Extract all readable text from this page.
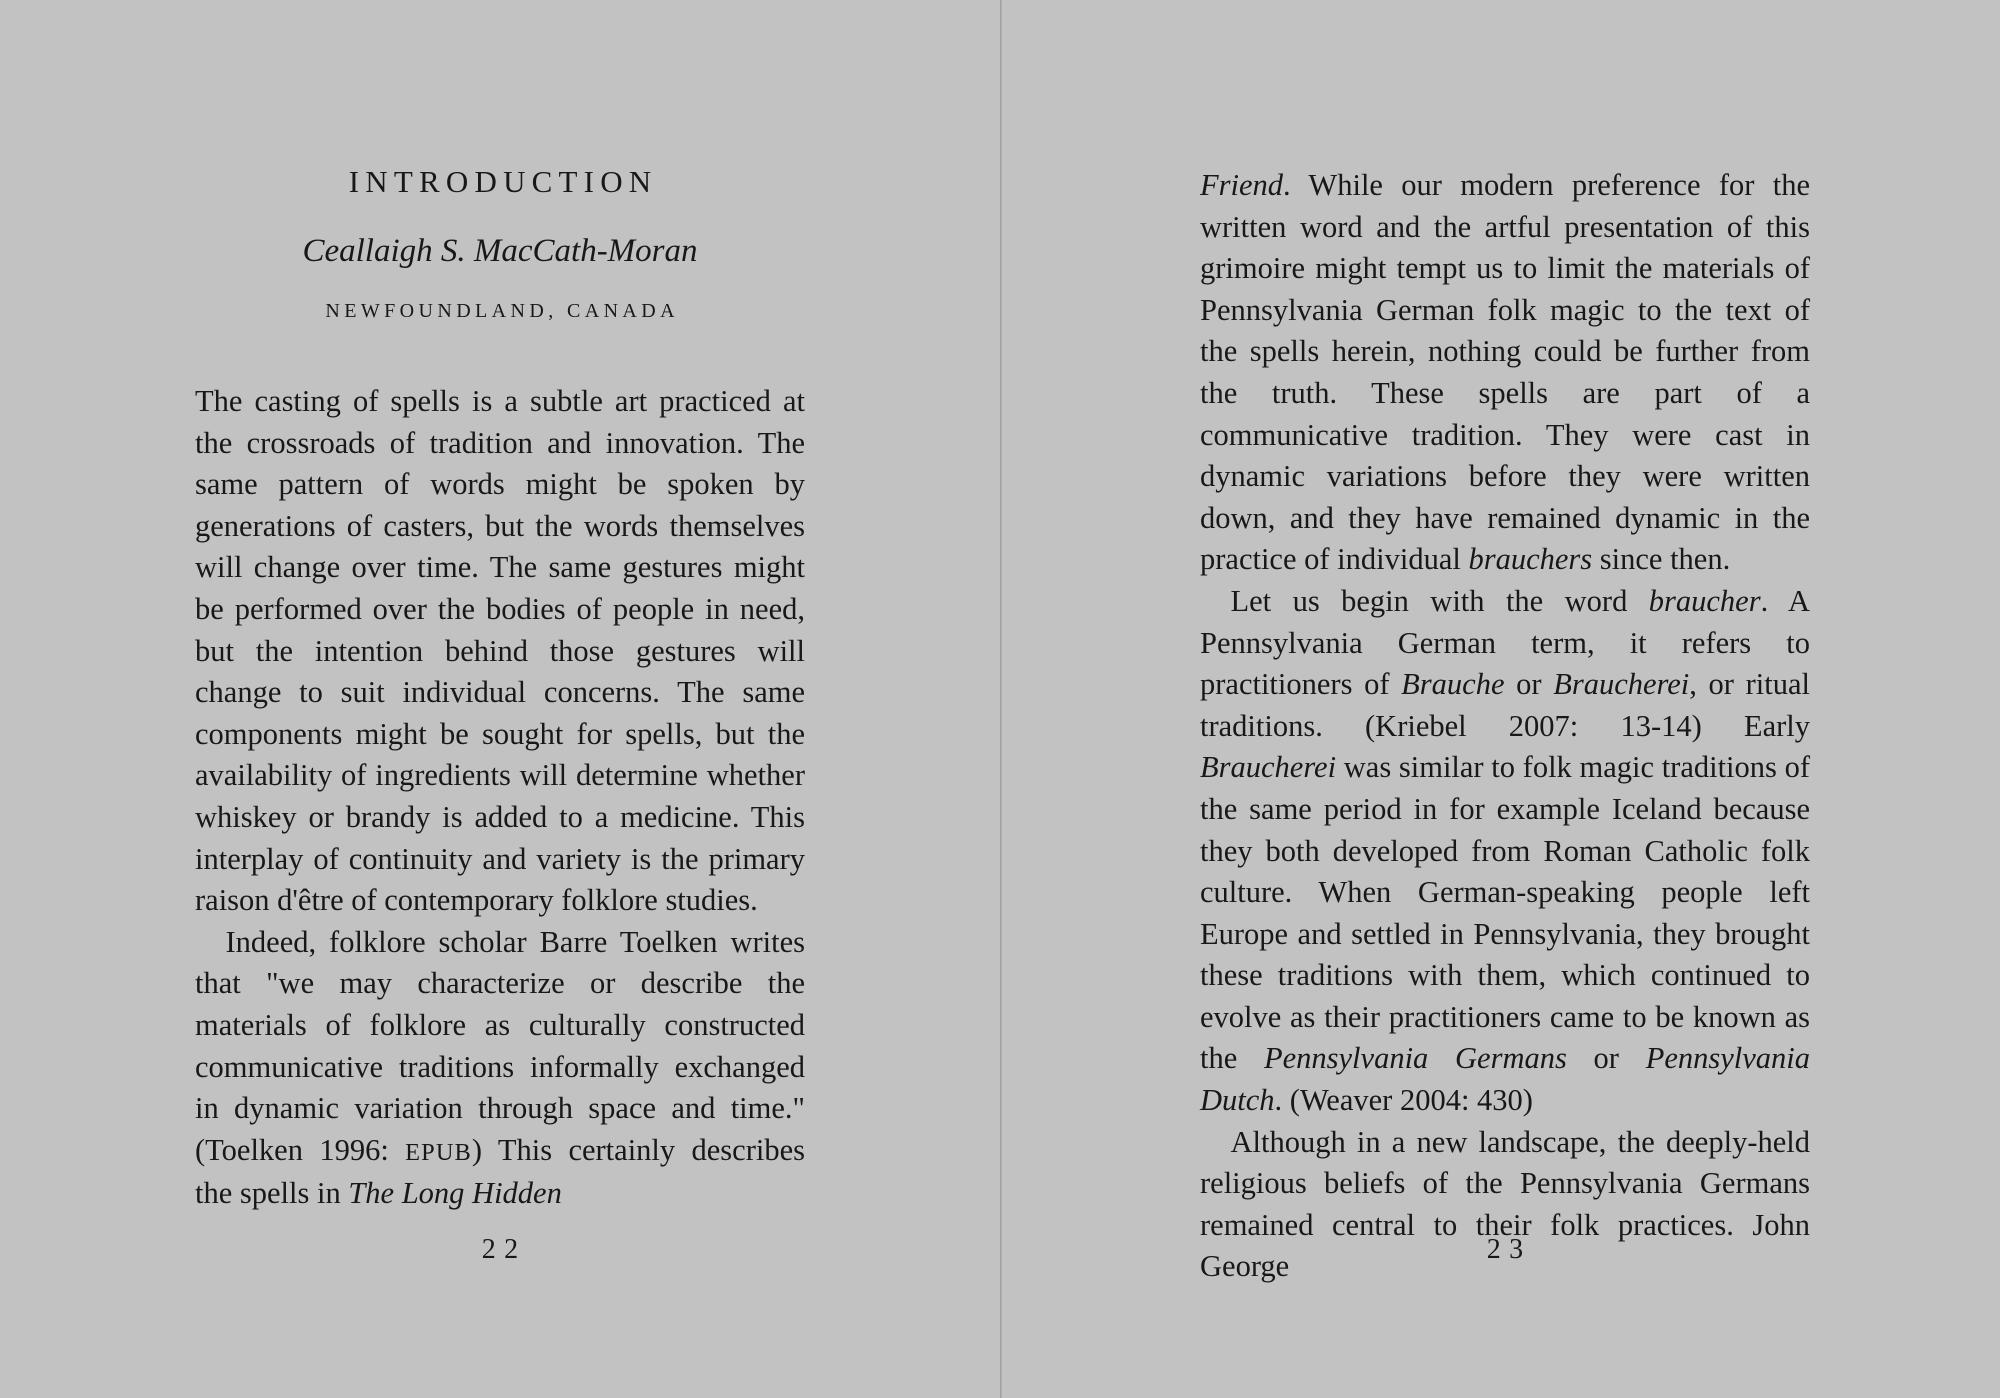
INTRODUCTION
Ceallaigh S. MacCath-Moran
NEWFOUNDLAND, CANADA

The casting of spells is a subtle art practiced at the crossroads of tradition and innovation. The same pattern of words might be spoken by generations of casters, but the words themselves will change over time. The same gestures might be performed over the bodies of people in need, but the intention behind those gestures will change to suit individual concerns. The same components might be sought for spells, but the availability of ingredients will determine whether whiskey or brandy is added to a medicine. This interplay of continuity and variety is the primary raison d'être of contemporary folklore studies.

Indeed, folklore scholar Barre Toelken writes that "we may characterize or describe the materials of folklore as culturally constructed communicative traditions informally exchanged in dynamic variation through space and time." (Toelken 1996: EPUB) This certainly describes the spells in The Long Hidden

22

Friend. While our modern preference for the written word and the artful presentation of this grimoire might tempt us to limit the materials of Pennsylvania German folk magic to the text of the spells herein, nothing could be further from the truth. These spells are part of a communicative tradition. They were cast in dynamic variations before they were written down, and they have remained dynamic in the practice of individual brauchers since then.

Let us begin with the word braucher. A Pennsylvania German term, it refers to practitioners of Brauche or Braucherei, or ritual traditions. (Kriebel 2007: 13-14) Early Braucherei was similar to folk magic traditions of the same period in for example Iceland because they both developed from Roman Catholic folk culture. When German-speaking people left Europe and settled in Pennsylvania, they brought these traditions with them, which continued to evolve as their practitioners came to be known as the Pennsylvania Germans or Pennsylvania Dutch. (Weaver 2004: 430)

Although in a new landscape, the deeply-held religious beliefs of the Pennsylvania Germans remained central to their folk practices. John George	23
